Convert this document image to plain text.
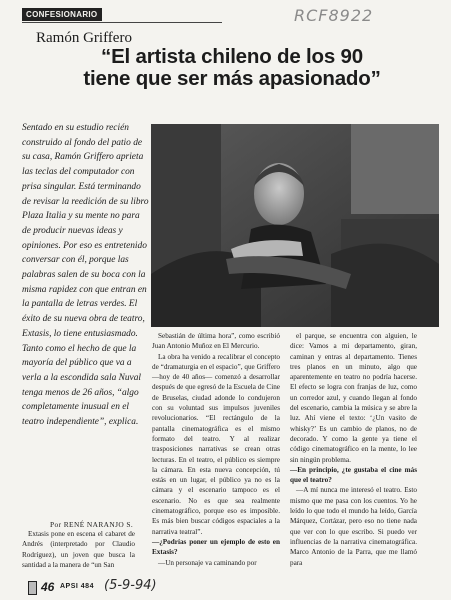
CONFESIONARIO	RCF8922
Ramón Griffero
“El artista chileno de los 90
tiene que ser más apasionado”
Sentado en su estudio recién construido al fondo del patio de su casa, Ramón Griffero aprieta las teclas del computador con prisa singular. Está terminando de revisar la reedición de su libro Plaza Italia y su mente no para de producir nuevas ideas y opiniones. Por eso es entretenido conversar con él, porque las palabras salen de su boca con la misma rapidez con que entran en la pantalla de letras verdes. El éxito de su nueva obra de teatro, Extasis, lo tiene entusiasmado. Tanto como el hecho de que la mayoría del público que va a verla a la escondida sala Nuval tenga menos de 26 años, “algo completamente inusual en el teatro independiente”, explica.
Por RENÉ NARANJO S.

Extasis pone en escena el cabaret de Andrés (interpretado por Claudio Rodríguez), un joven que busca la santidad a la manera de “un San

Sebastián de última hora”, como escribió Juan Antonio Muñoz en El Mercurio.

La obra ha venido a recalibrar el concepto de “dramaturgia en el espacio”, que Griffero —hoy de 40 años— comenzó a desarrollar después de que egresó de la Escuela de Cine de Bruselas, ciudad adonde lo condujeron con su voluntad sus impulsos juveniles revolucionarios. “El rectángulo de la pantalla cinematográfica es el mismo formato del teatro. Y al realizar trasposiciones narrativas se crean otras lecturas. En el teatro, el público es siempre la cámara. En esta nueva concepción, tú estás en un lugar, el público ya no es la cámara y el escenario tampoco es el escenario. No es que sea realmente cinematográfico, porque eso es imposible. Es más bien buscar códigos espaciales a la narrativa teatral”.

—¿Podrías poner un ejemplo de esto en Extasis?

—Un personaje va caminando por

el parque, se encuentra con alguien, le dice: Vamos a mi departamento, giran, caminan y entras al departamento. Tienes tres planos en un minuto, algo que aparentemente en teatro no podría hacerse. El efecto se logra con franjas de luz, como un corredor azul, y cuando llegan al fondo del escenario, cambia la música y se abre la luz. Ahí viene el texto: ‘¿Un vasito de whisky?’ Es un cambio de planos, no de decorado. Y como la gente ya tiene el código cinematográfico en la mente, lo lee sin ningún problema.

—En principio, ¿te gustaba el cine más que el teatro?

—A mí nunca me interesó el teatro. Esto mismo que me pasa con los cuentos. Yo he leído lo que todo el mundo ha leído, García Márquez, Cortázar, pero eso no tiene nada que ver con lo que escribo. Si puedo ver influencias de la narrativa cinematográfica. Marco Antonio de la Parra, que me llamó para

46 APSI 484 (5-9-94)
